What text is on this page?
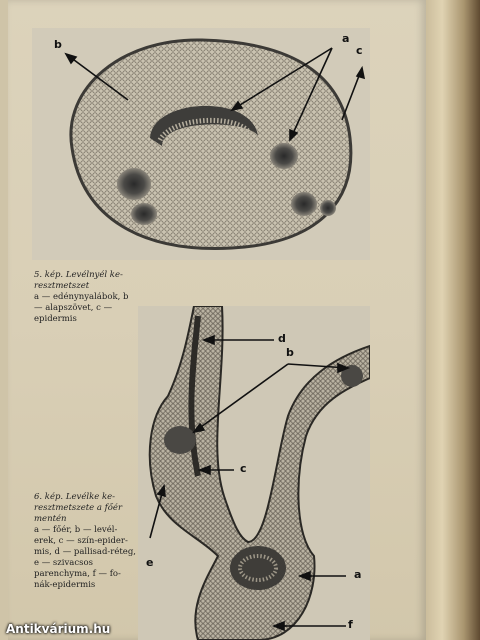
b	a
c
5. kép. Levélnyél ke-resztmetszet
a — edénynyalábok, b — alapszövet, c — epidermis
d
b
c
e
a
f
6. kép. Levélke ke-resztmetszete a főér mentén
a — főér, b — levél-erek, c — szín-epider-mis, d — pallisad-réteg, e — szivacsos parenchyma, f — fo-nák-epidermis
Antikvárium.hu
